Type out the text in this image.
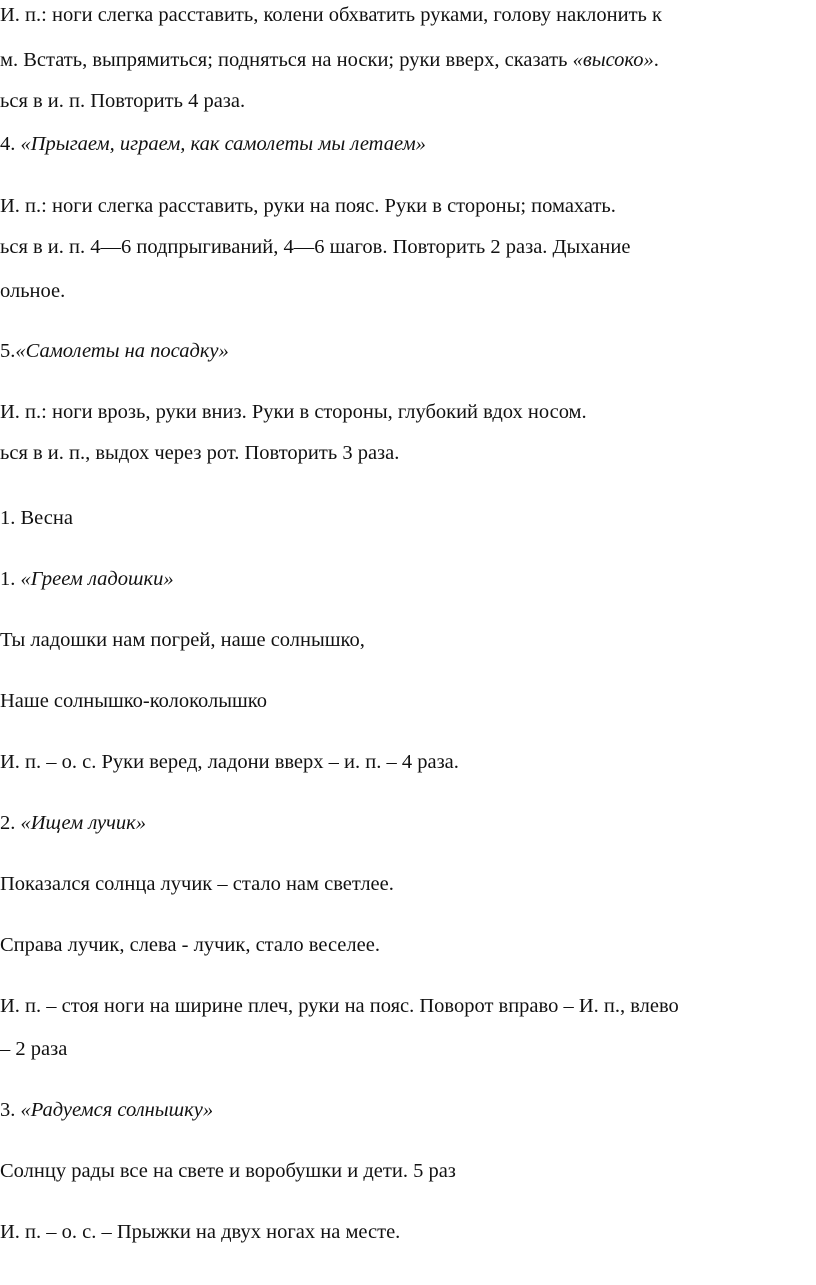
И. п.: ноги слегка расставить, колени обхватить руками, голову наклонить к
м. Встать, выпрямиться; подняться на носки; руки вверх, сказать «высоко».
ься в и. п. Повторить 4 раза.
4. «Прыгаем, играем, как самолеты мы летаем»
И. п.: ноги слегка расставить, руки на пояс. Руки в стороны; помахать.
ься в и. п. 4—6 подпрыгиваний, 4—6 шагов. Повторить 2 раза. Дыхание
ольное.
5.«Самолеты на посадку»
И. п.: ноги врозь, руки вниз. Руки в стороны, глубокий вдох носом.
ься в и. п., выдох через рот. Повторить 3 раза.
1. Весна
1. «Греем ладошки»
Ты ладошки нам погрей, наше солнышко,
Наше солнышко-колоколышко
И. п. – о. с. Руки веред, ладони вверх – и. п. – 4 раза.
2. «Ищем лучик»
Показался солнца лучик – стало нам светлее.
Справа лучик, слева - лучик, стало веселее.
И. п. – стоя ноги на ширине плеч, руки на пояс. Поворот вправо – И. п., влево
– 2 раза
3. «Радуемся солнышку»
Солнцу рады все на свете и воробушки и дети. 5 раз
И. п. – о. с. – Прыжки на двух ногах на месте.
